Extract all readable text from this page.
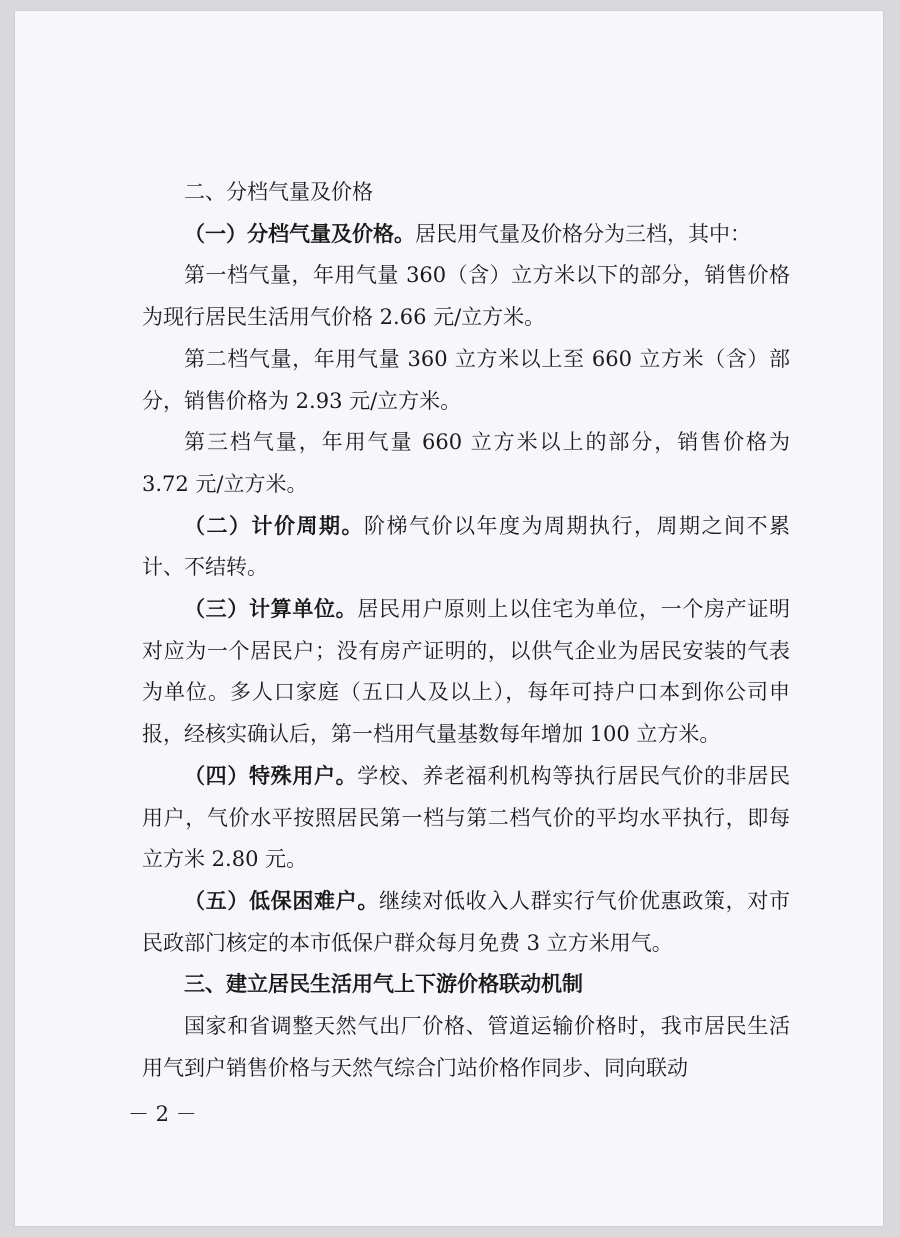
二、分档气量及价格

（一）分档气量及价格。居民用气量及价格分为三档，其中：

第一档气量，年用气量 360（含）立方米以下的部分，销售价格为现行居民生活用气价格 2.66 元/立方米。

第二档气量，年用气量 360 立方米以上至 660 立方米（含）部分，销售价格为 2.93 元/立方米。

第三档气量，年用气量 660 立方米以上的部分，销售价格为 3.72 元/立方米。

（二）计价周期。阶梯气价以年度为周期执行，周期之间不累计、不结转。

（三）计算单位。居民用户原则上以住宅为单位，一个房产证明对应为一个居民户；没有房产证明的，以供气企业为居民安装的气表为单位。多人口家庭（五口人及以上），每年可持户口本到你公司申报，经核实确认后，第一档用气量基数每年增加 100 立方米。

（四）特殊用户。学校、养老福利机构等执行居民气价的非居民用户，气价水平按照居民第一档与第二档气价的平均水平执行，即每立方米 2.80 元。

（五）低保困难户。继续对低收入人群实行气价优惠政策，对市民政部门核定的本市低保户群众每月免费 3 立方米用气。

三、建立居民生活用气上下游价格联动机制

国家和省调整天然气出厂价格、管道运输价格时，我市居民生活用气到户销售价格与天然气综合门站价格作同步、同向联动

－ 2 －
